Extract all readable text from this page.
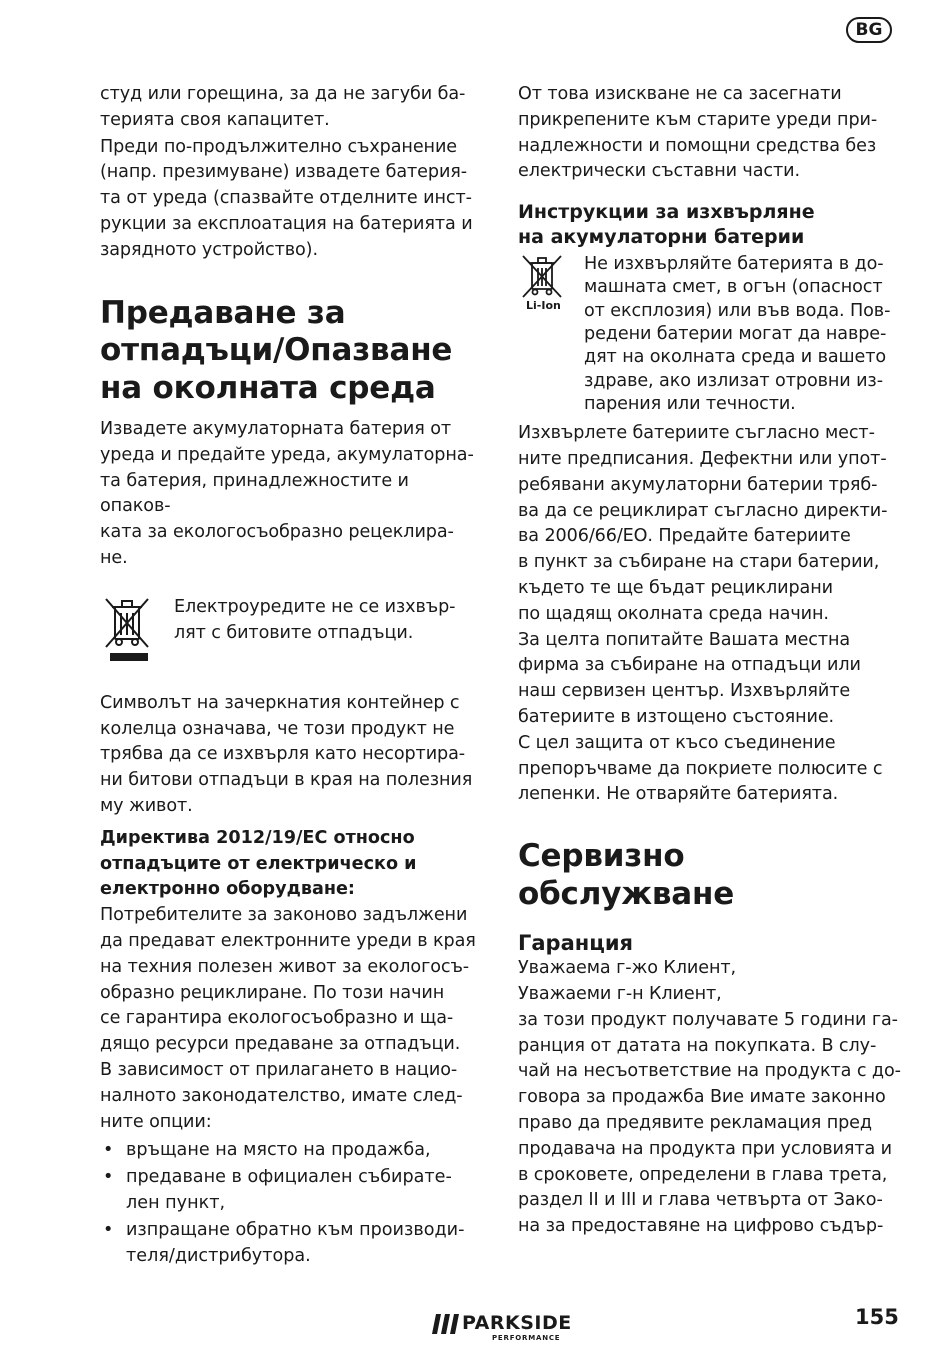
BG

студ или горещина, за да не загуби ба-
терията своя капацитет.

Преди по-продължително съхранение
(напр. презимуване) извадете батерия-
та от уреда (спазвайте отделните инст-
рукции за експлоатация на батерията и
зарядното устройство).

Предаване за
отпадъци/Опазване
на околната среда

Извадете акумулаторната батерия от
уреда и предайте уреда, акумулаторна-
та батерия, принадлежностите и опаков-
ката за екологосъобразно рецеклира-
не.

Електроуредите не се изхвър-
лят с битовите отпадъци.

Символът на зачеркнатия контейнер с
колелца означава, че този продукт не
трябва да се изхвърля като несортира-
ни битови отпадъци в края на полезния
му живот.

Директива 2012/19/ЕС относно
отпадъците от електрическо и
електронно оборудване:

Потребителите за законово задължени
да предават електронните уреди в края
на техния полезен живот за екологосъ-
образно рециклиране. По този начин
се гарантира екологосъобразно и ща-
дящо ресурси предаване за отпадъци.
В зависимост от прилагането в нацио-
налното законодателство, имате след-
ните опции:

• връщане на място на продажба,
• предаване в официален събирате-
лен пункт,
• изпращане обратно към производи-
теля/дистрибутора.

От това изискване не са засегнати
прикрепените към старите уреди при-
надлежности и помощни средства без
електрически съставни части.

Инструкции за изхвърляне
на акумулаторни батерии
Li-Ion

Не изхвърляйте батерията в до-
машната смет, в огън (опасност
от експлозия) или във вода. Пов-
редени батерии могат да навре-
дят на околната среда и вашето
здраве, ако излизат отровни из-
парения или течности.

Изхвърлете батериите съгласно мест-
ните предписания. Дефектни или упот-
ребявани акумулаторни батерии тряб-
ва да се рециклират съгласно директи-
ва 2006/66/ЕО. Предайте батериите
в пункт за събиране на стари батерии,
където те ще бъдат рециклирани
по щадящ околната среда начин.
За целта попитайте Вашата местна
фирма за събиране на отпадъци или
наш сервизен център. Изхвърляйте
батериите в изтощено състояние.
С цел защита от късо съединение
препоръчваме да покриете полюсите с
лепенки. Не отваряйте батерията.

Сервизно обслужване
Гаранция

Уважаема г-жо Клиент,
Уважаеми г-н Клиент,
за този продукт получавате 5 години га-
ранция от датата на покупката. В слу-
чай на несъответствие на продукта с до-
говора за продажба Вие имате законно
право да предявите рекламация пред
продавача на продукта при условията и
в сроковете, определени в глава трета,
раздел II и III и глава четвърта от Зако-
на за предоставяне на цифрово съдър-

PARKSIDE
PERFORMANCE
155
